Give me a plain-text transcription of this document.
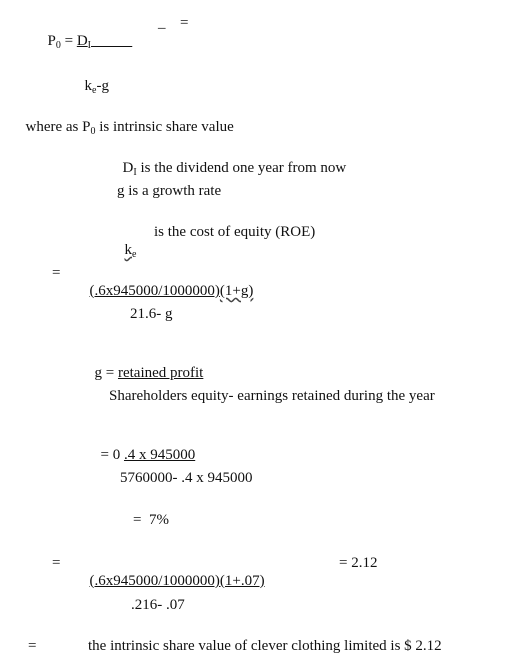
$P_0 = D_I$

_ =

$k_e-g$

where as $P_0$ is intrinsic share value

$D_I$ is the dividend one year from now

g is a growth rate

$k_e$

is the cost of equity (ROE)
=

(.6x945000/1000000)(1+g)

21.6- g

g = retained profit

Shareholders equity- earnings retained during the year

= 0 .4 x 945000

5760000- .4 x 945000
=  7%
=

(.6x945000/1000000)(1+.07)

= 2.12
.216- .07
=	the intrinsic share value of clever clothing limited is $ 2.12
